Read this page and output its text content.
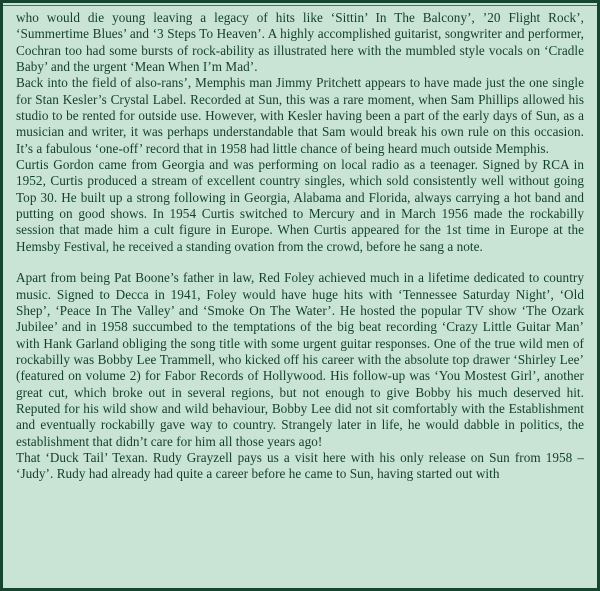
who would die young leaving a legacy of hits like ‘Sittin’ In The Balcony’, ’20 Flight Rock’, ‘Summertime Blues’ and ‘3 Steps To Heaven’. A highly accomplished guitarist, songwriter and performer, Cochran too had some bursts of rock-ability as illustrated here with the mumbled style vocals on ‘Cradle Baby’ and the urgent ‘Mean When I’m Mad’.

Back into the field of also-rans’, Memphis man Jimmy Pritchett appears to have made just the one single for Stan Kesler’s Crystal Label. Recorded at Sun, this was a rare moment, when Sam Phillips allowed his studio to be rented for outside use. However, with Kesler having been a part of the early days of Sun, as a musician and writer, it was perhaps understandable that Sam would break his own rule on this occasion. It’s a fabulous ‘one-off’ record that in 1958 had little chance of being heard much outside Memphis.

Curtis Gordon came from Georgia and was performing on local radio as a teenager. Signed by RCA in 1952, Curtis produced a stream of excellent country singles, which sold consistently well without going Top 30. He built up a strong following in Georgia, Alabama and Florida, always carrying a hot band and putting on good shows. In 1954 Curtis switched to Mercury and in March 1956 made the rockabilly session that made him a cult figure in Europe. When Curtis appeared for the 1st time in Europe at the Hemsby Festival, he received a standing ovation from the crowd, before he sang a note.

Apart from being Pat Boone’s father in law, Red Foley achieved much in a lifetime dedicated to country music. Signed to Decca in 1941, Foley would have huge hits with ‘Tennessee Saturday Night’, ‘Old Shep’, ‘Peace In The Valley’ and ‘Smoke On The Water’. He hosted the popular TV show ‘The Ozark Jubilee’ and in 1958 succumbed to the temptations of the big beat recording ‘Crazy Little Guitar Man’ with Hank Garland obliging the song title with some urgent guitar responses. One of the true wild men of rockabilly was Bobby Lee Trammell, who kicked off his career with the absolute top drawer ‘Shirley Lee’ (featured on volume 2) for Fabor Records of Hollywood. His follow-up was ‘You Mostest Girl’, another great cut, which broke out in several regions, but not enough to give Bobby his much deserved hit. Reputed for his wild show and wild behaviour, Bobby Lee did not sit comfortably with the Establishment and eventually rockabilly gave way to country. Strangely later in life, he would dabble in politics, the establishment that didn’t care for him all those years ago!

That ‘Duck Tail’ Texan. Rudy Grayzell pays us a visit here with his only release on Sun from 1958 – ‘Judy’. Rudy had already had quite a career before he came to Sun, having started out with
